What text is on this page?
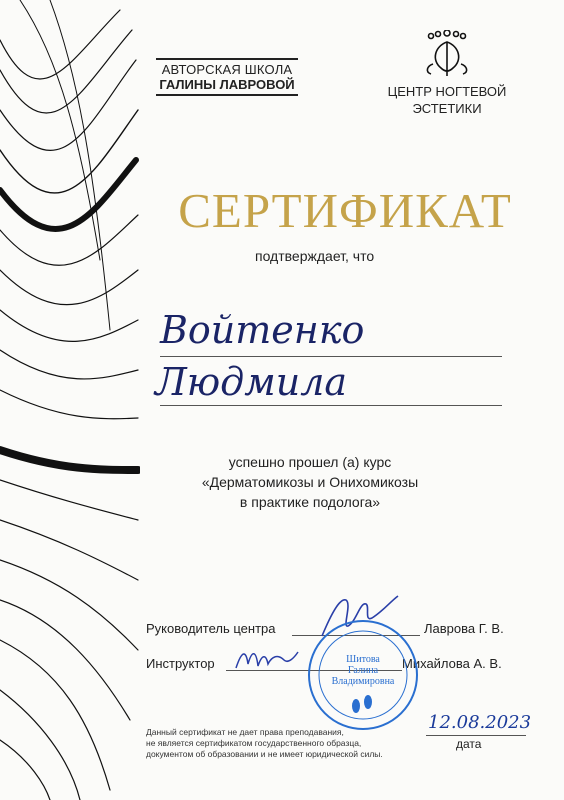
АВТОРСКАЯ ШКОЛА
ГАЛИНЫ ЛАВРОВОЙ	ЦЕНТР НОГТЕВОЙ
ЭСТЕТИКИ
СЕРТИФИКАТ
подтверждает, что
Войтенко
Людмила
успешно прошел (а) курс
«Дерматомикозы и Онихомикозы
в практике подолога»
Руководитель центра	Лаврова Г. В.
Инструктор	Михайлова А. В.
Шитова
Галина
Владимировна
Данный сертификат не дает права преподавания,
не является сертификатом государственного образца,
документом об образовании и не имеет юридической силы.
12.08.2023
дата
